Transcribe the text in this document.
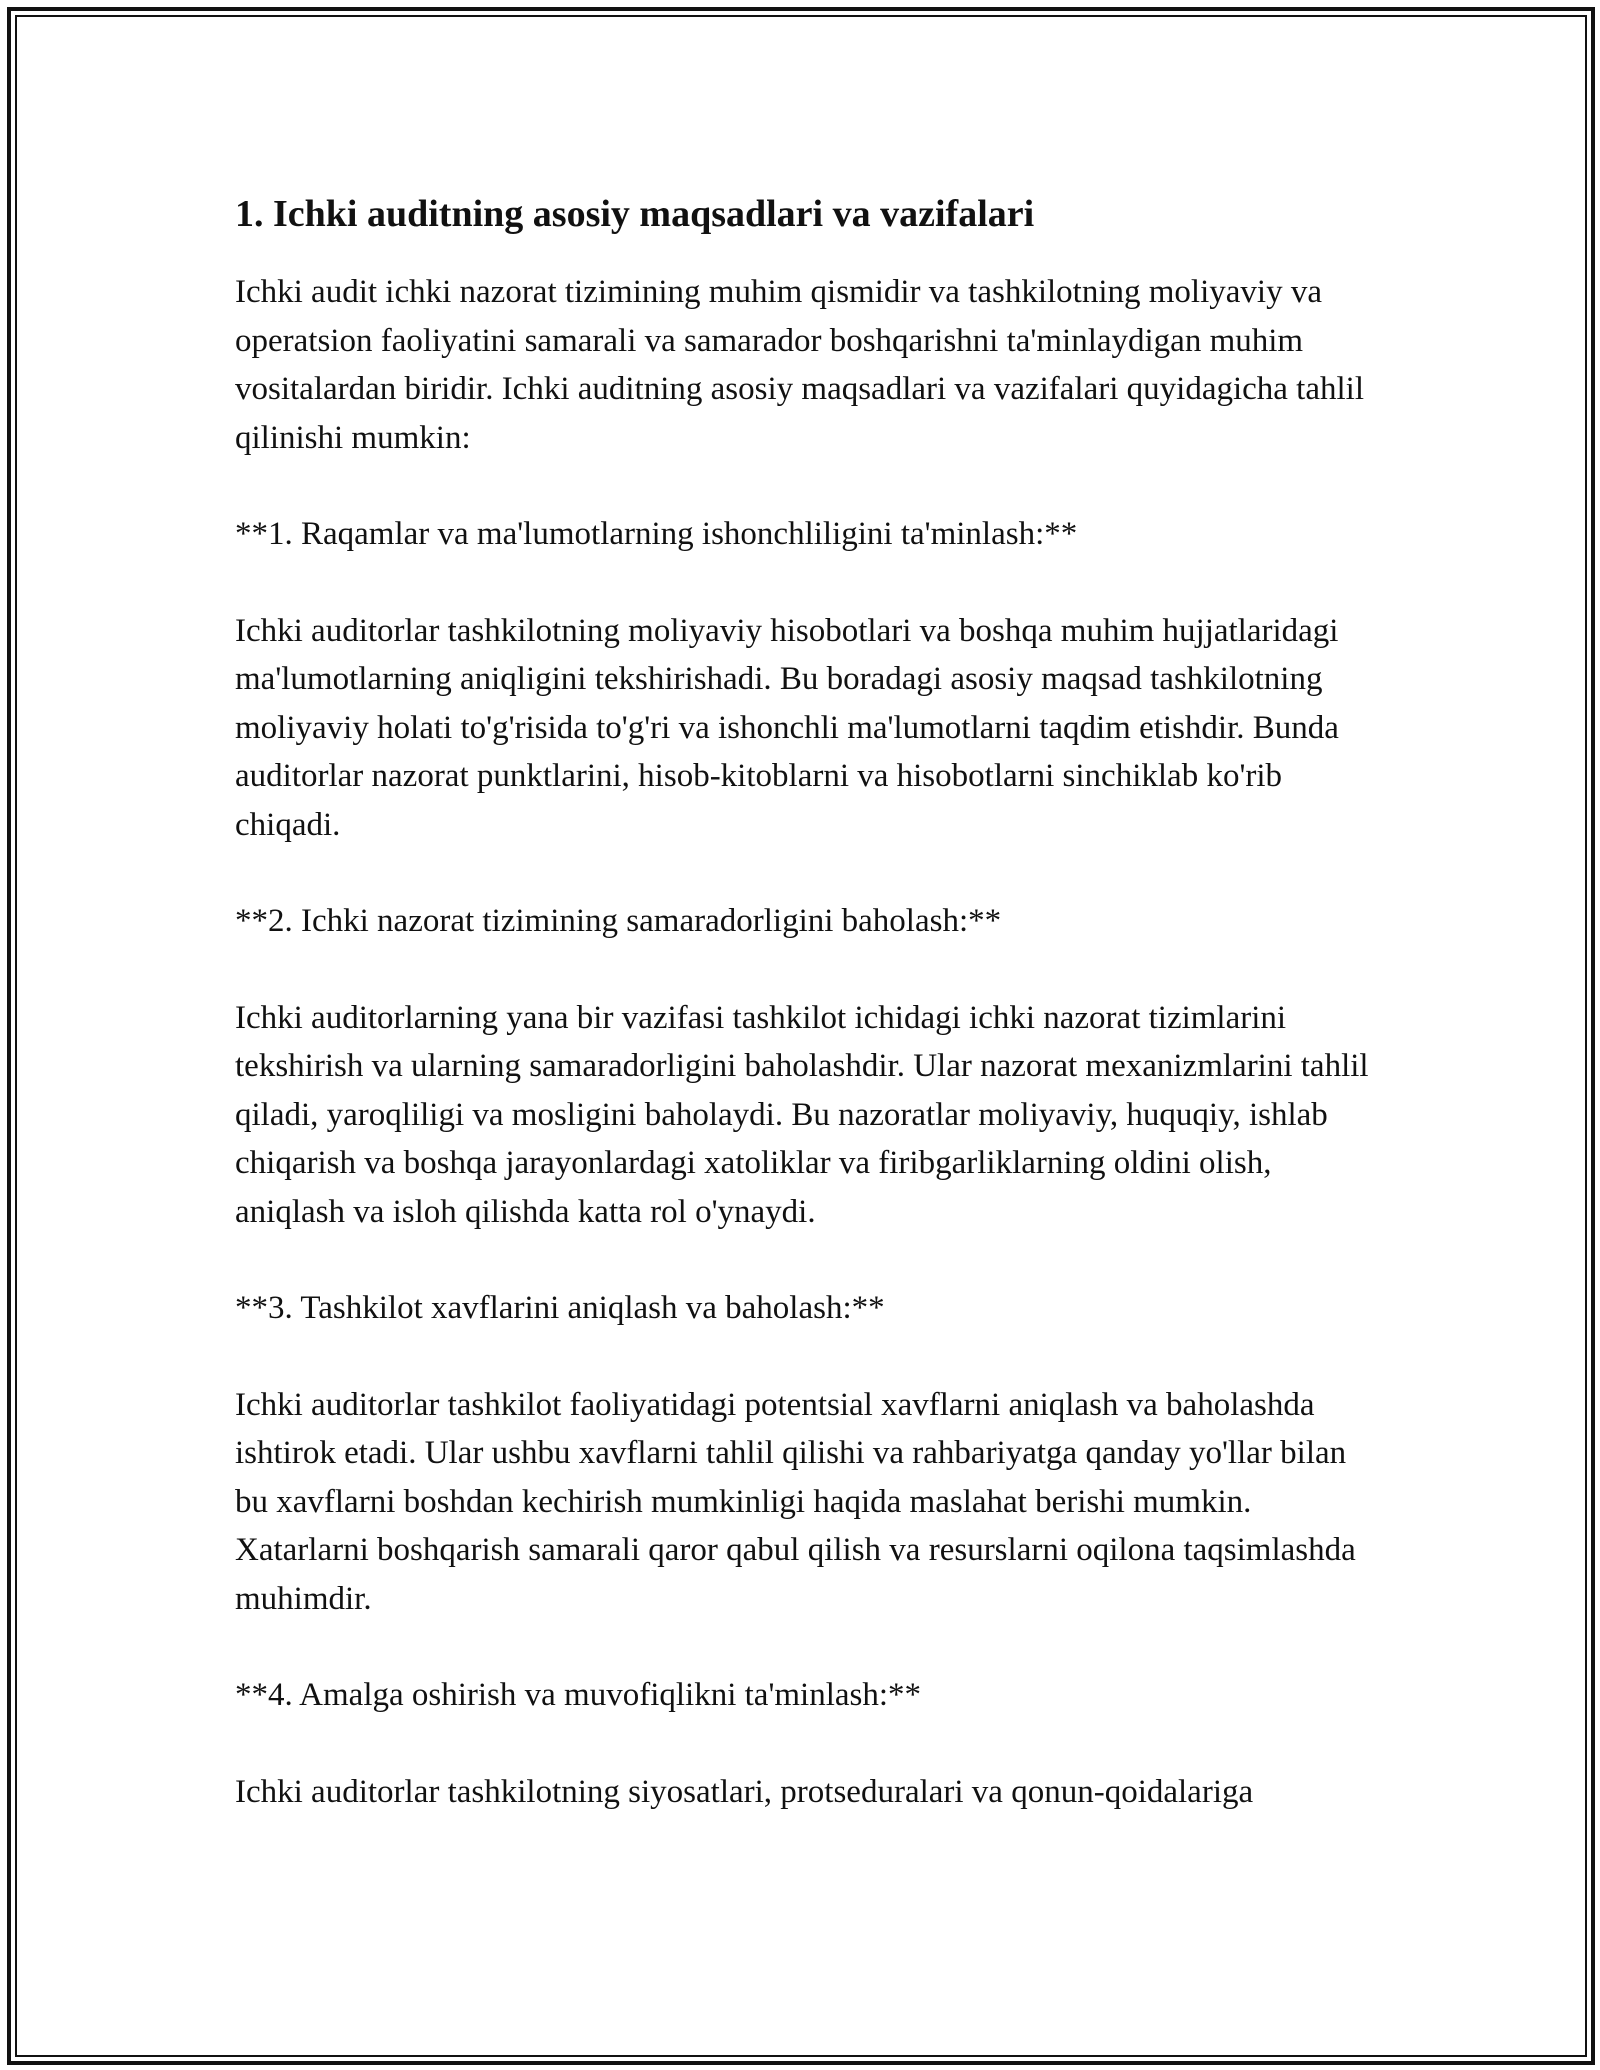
1. Ichki auditning asosiy maqsadlari va vazifalari

Ichki audit ichki nazorat tizimining muhim qismidir va tashkilotning moliyaviy va operatsion faoliyatini samarali va samarador boshqarishni ta'minlaydigan muhim vositalardan biridir. Ichki auditning asosiy maqsadlari va vazifalari quyidagicha tahlil qilinishi mumkin:

**1. Raqamlar va ma'lumotlarning ishonchliligini ta'minlash:**

Ichki auditorlar tashkilotning moliyaviy hisobotlari va boshqa muhim hujjatlaridagi ma'lumotlarning aniqligini tekshirishadi. Bu boradagi asosiy maqsad tashkilotning moliyaviy holati to'g'risida to'g'ri va ishonchli ma'lumotlarni taqdim etishdir. Bunda auditorlar nazorat punktlarini, hisob-kitoblarni va hisobotlarni sinchiklab ko'rib chiqadi.

**2. Ichki nazorat tizimining samaradorligini baholash:**

Ichki auditorlarning yana bir vazifasi tashkilot ichidagi ichki nazorat tizimlarini tekshirish va ularning samaradorligini baholashdir. Ular nazorat mexanizmlarini tahlil qiladi, yaroqliligi va mosligini baholaydi. Bu nazoratlar moliyaviy, huquqiy, ishlab chiqarish va boshqa jarayonlardagi xatoliklar va firibgarliklarning oldini olish, aniqlash va isloh qilishda katta rol o'ynaydi.

**3. Tashkilot xavflarini aniqlash va baholash:**

Ichki auditorlar tashkilot faoliyatidagi potentsial xavflarni aniqlash va baholashda ishtirok etadi. Ular ushbu xavflarni tahlil qilishi va rahbariyatga qanday yo'llar bilan bu xavflarni boshdan kechirish mumkinligi haqida maslahat berishi mumkin. Xatarlarni boshqarish samarali qaror qabul qilish va resurslarni oqilona taqsimlashda muhimdir.

**4. Amalga oshirish va muvofiqlikni ta'minlash:**

Ichki auditorlar tashkilotning siyosatlari, protseduralari va qonun-qoidalariga
